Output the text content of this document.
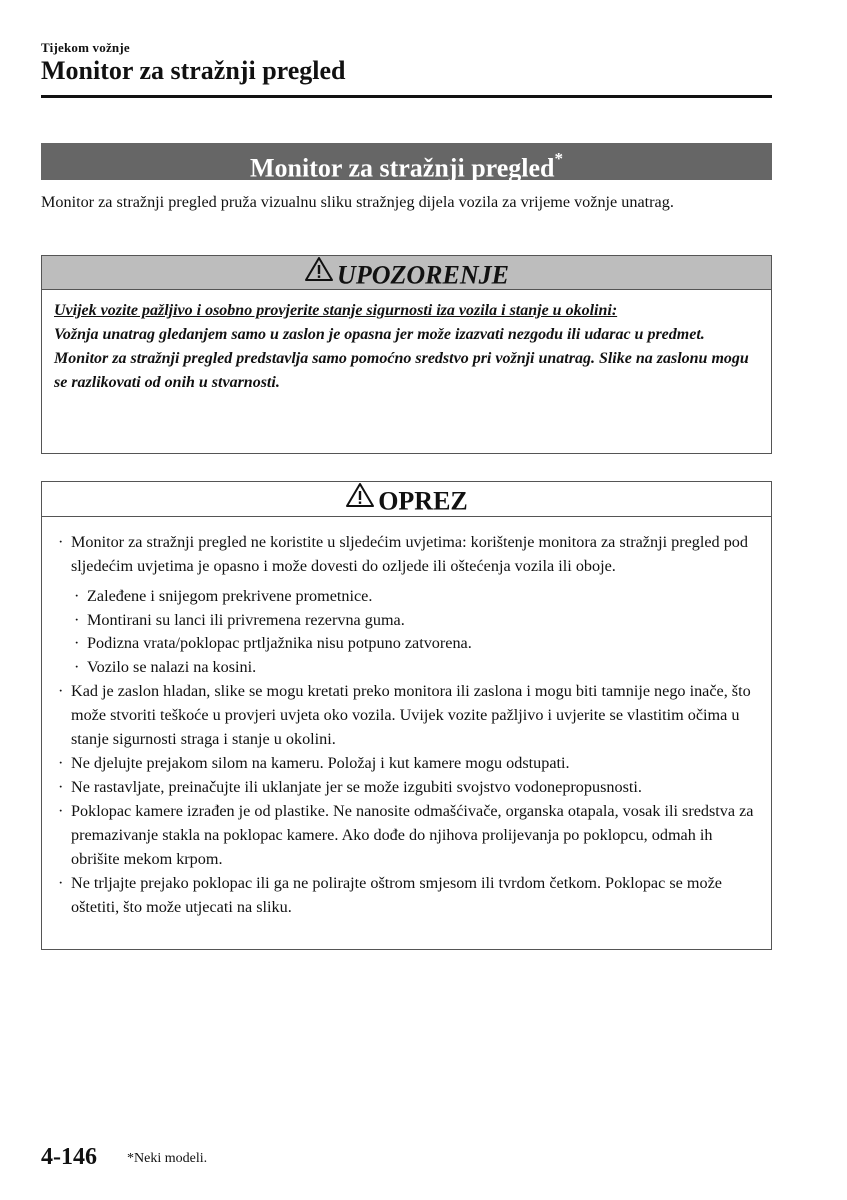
Tijekom vožnje
Monitor za stražnji pregled
Monitor za stražnji pregled*

Monitor za stražnji pregled pruža vizualnu sliku stražnjeg dijela vozila za vrijeme vožnje unatrag.

UPOZORENJE
Uvijek vozite pažljivo i osobno provjerite stanje sigurnosti iza vozila i stanje u okolini:
Vožnja unatrag gledanjem samo u zaslon je opasna jer može izazvati nezgodu ili udarac u predmet. Monitor za stražnji pregled predstavlja samo pomoćno sredstvo pri vožnji unatrag. Slike na zaslonu mogu se razlikovati od onih u stvarnosti.
OPREZ
· Monitor za stražnji pregled ne koristite u sljedećim uvjetima: korištenje monitora za stražnji pregled pod sljedećim uvjetima je opasno i može dovesti do ozljede ili oštećenja vozila ili oboje.
· Zaleđene i snijegom prekrivene prometnice.
· Montirani su lanci ili privremena rezervna guma.
· Podizna vrata/poklopac prtljažnika nisu potpuno zatvorena.
· Vozilo se nalazi na kosini.
· Kad je zaslon hladan, slike se mogu kretati preko monitora ili zaslona i mogu biti tamnije nego inače, što može stvoriti teškoće u provjeri uvjeta oko vozila. Uvijek vozite pažljivo i uvjerite se vlastitim očima u stanje sigurnosti straga i stanje u okolini.
· Ne djelujte prejakom silom na kameru. Položaj i kut kamere mogu odstupati.
· Ne rastavljate, preinačujte ili uklanjate jer se može izgubiti svojstvo vodonepropusnosti.
· Poklopac kamere izrađen je od plastike. Ne nanosite odmašćivače, organska otapala, vosak ili sredstva za premazivanje stakla na poklopac kamere. Ako dođe do njihova prolijevanja po poklopcu, odmah ih obrišite mekom krpom.
· Ne trljajte prejako poklopac ili ga ne polirajte oštrom smjesom ili tvrdom četkom. Poklopac se može oštetiti, što može utjecati na sliku.
4-146 *Neki modeli.
